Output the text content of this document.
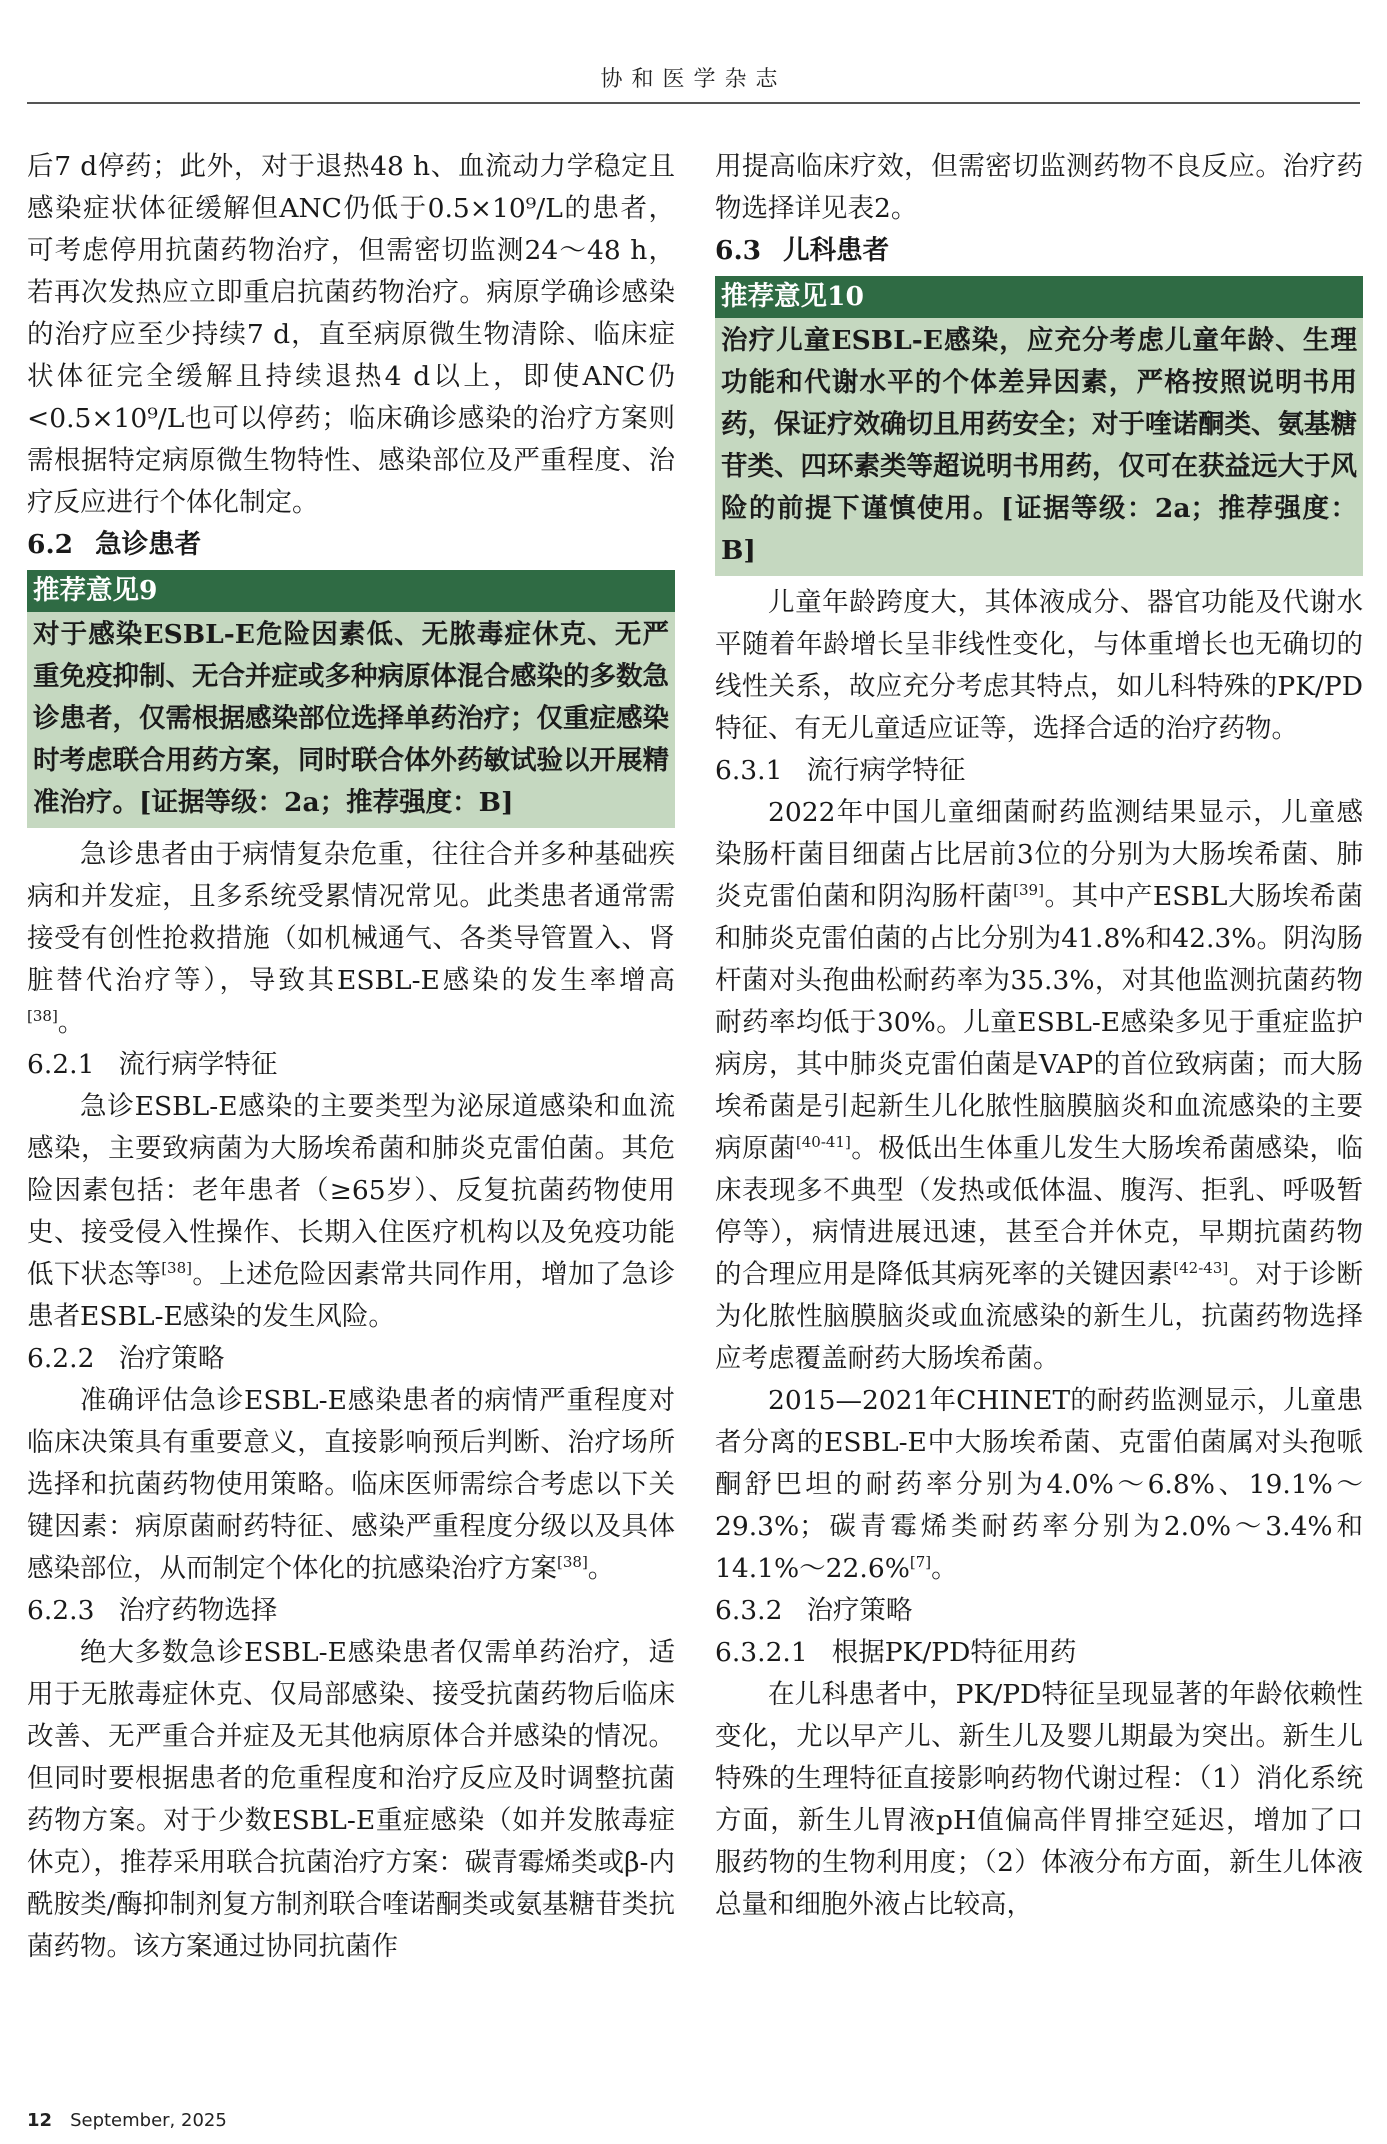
协和医学杂志

后7 d停药；此外，对于退热48 h、血流动力学稳定且感染症状体征缓解但ANC仍低于0.5×10⁹/L的患者，可考虑停用抗菌药物治疗，但需密切监测24～48 h，若再次发热应立即重启抗菌药物治疗。病原学确诊感染的治疗应至少持续7 d，直至病原微生物清除、临床症状体征完全缓解且持续退热4 d以上，即使ANC仍<0.5×10⁹/L也可以停药；临床确诊感染的治疗方案则需根据特定病原微生物特性、感染部位及严重程度、治疗反应进行个体化制定。

6.2 急诊患者
推荐意见9
对于感染ESBL-E危险因素低、无脓毒症休克、无严重免疫抑制、无合并症或多种病原体混合感染的多数急诊患者，仅需根据感染部位选择单药治疗；仅重症感染时考虑联合用药方案，同时联合体外药敏试验以开展精准治疗。[证据等级：2a；推荐强度：B]

急诊患者由于病情复杂危重，往往合并多种基础疾病和并发症，且多系统受累情况常见。此类患者通常需接受有创性抢救措施（如机械通气、各类导管置入、肾脏替代治疗等），导致其ESBL-E感染的发生率增高[38]。

6.2.1 流行病学特征

急诊ESBL-E感染的主要类型为泌尿道感染和血流感染，主要致病菌为大肠埃希菌和肺炎克雷伯菌。其危险因素包括：老年患者（≥65岁）、反复抗菌药物使用史、接受侵入性操作、长期入住医疗机构以及免疫功能低下状态等[38]。上述危险因素常共同作用，增加了急诊患者ESBL-E感染的发生风险。

6.2.2 治疗策略

准确评估急诊ESBL-E感染患者的病情严重程度对临床决策具有重要意义，直接影响预后判断、治疗场所选择和抗菌药物使用策略。临床医师需综合考虑以下关键因素：病原菌耐药特征、感染严重程度分级以及具体感染部位，从而制定个体化的抗感染治疗方案[38]。

6.2.3 治疗药物选择

绝大多数急诊ESBL-E感染患者仅需单药治疗，适用于无脓毒症休克、仅局部感染、接受抗菌药物后临床改善、无严重合并症及无其他病原体合并感染的情况。但同时要根据患者的危重程度和治疗反应及时调整抗菌药物方案。对于少数ESBL-E重症感染（如并发脓毒症休克），推荐采用联合抗菌治疗方案：碳青霉烯类或β-内酰胺类/酶抑制剂复方制剂联合喹诺酮类或氨基糖苷类抗菌药物。该方案通过协同抗菌作

用提高临床疗效，但需密切监测药物不良反应。治疗药物选择详见表2。

6.3 儿科患者
推荐意见10
治疗儿童ESBL-E感染，应充分考虑儿童年龄、生理功能和代谢水平的个体差异因素，严格按照说明书用药，保证疗效确切且用药安全；对于喹诺酮类、氨基糖苷类、四环素类等超说明书用药，仅可在获益远大于风险的前提下谨慎使用。[证据等级：2a；推荐强度：B]

儿童年龄跨度大，其体液成分、器官功能及代谢水平随着年龄增长呈非线性变化，与体重增长也无确切的线性关系，故应充分考虑其特点，如儿科特殊的PK/PD特征、有无儿童适应证等，选择合适的治疗药物。

6.3.1 流行病学特征

2022年中国儿童细菌耐药监测结果显示，儿童感染肠杆菌目细菌占比居前3位的分别为大肠埃希菌、肺炎克雷伯菌和阴沟肠杆菌[39]。其中产ESBL大肠埃希菌和肺炎克雷伯菌的占比分别为41.8%和42.3%。阴沟肠杆菌对头孢曲松耐药率为35.3%，对其他监测抗菌药物耐药率均低于30%。儿童ESBL-E感染多见于重症监护病房，其中肺炎克雷伯菌是VAP的首位致病菌；而大肠埃希菌是引起新生儿化脓性脑膜脑炎和血流感染的主要病原菌[40-41]。极低出生体重儿发生大肠埃希菌感染，临床表现多不典型（发热或低体温、腹泻、拒乳、呼吸暂停等），病情进展迅速，甚至合并休克，早期抗菌药物的合理应用是降低其病死率的关键因素[42-43]。对于诊断为化脓性脑膜脑炎或血流感染的新生儿，抗菌药物选择应考虑覆盖耐药大肠埃希菌。

2015—2021年CHINET的耐药监测显示，儿童患者分离的ESBL-E中大肠埃希菌、克雷伯菌属对头孢哌酮舒巴坦的耐药率分别为4.0%～6.8%、19.1%～29.3%；碳青霉烯类耐药率分别为2.0%～3.4%和14.1%～22.6%[7]。

6.3.2 治疗策略
6.3.2.1 根据PK/PD特征用药

在儿科患者中，PK/PD特征呈现显著的年龄依赖性变化，尤以早产儿、新生儿及婴儿期最为突出。新生儿特殊的生理特征直接影响药物代谢过程：（1）消化系统方面，新生儿胃液pH值偏高伴胃排空延迟，增加了口服药物的生物利用度；（2）体液分布方面，新生儿体液总量和细胞外液占比较高，

12 September, 2025
